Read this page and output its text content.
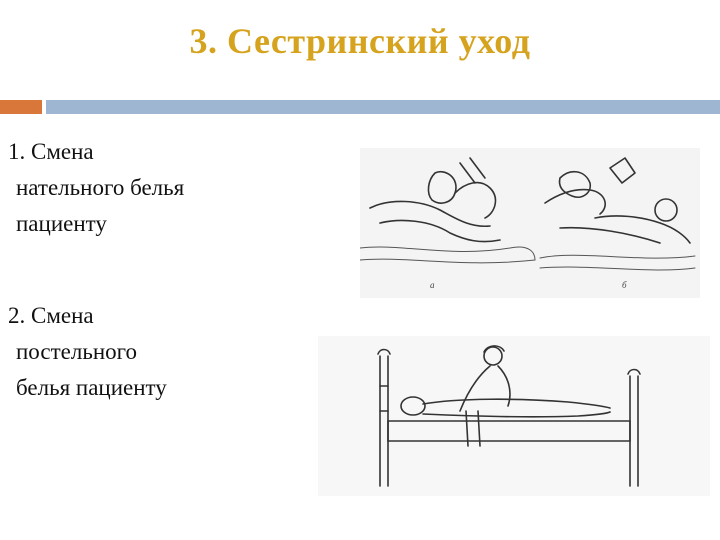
3. Сестринский уход
1. Смена
нательного белья
пациенту
2. Смена
постельного
белья пациенту
а	б
